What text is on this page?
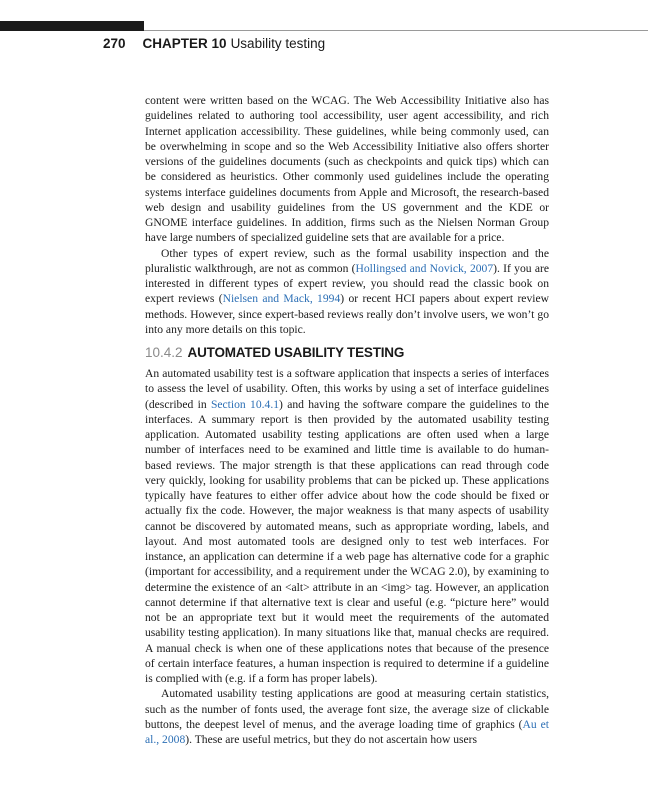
270 CHAPTER 10 Usability testing

content were written based on the WCAG. The Web Accessibility Initiative also has guidelines related to authoring tool accessibility, user agent accessibility, and rich Internet application accessibility. These guidelines, while being commonly used, can be overwhelming in scope and so the Web Accessibility Initiative also offers shorter versions of the guidelines documents (such as checkpoints and quick tips) which can be considered as heuristics. Other commonly used guidelines include the operating systems interface guidelines documents from Apple and Microsoft, the research-based web design and usability guidelines from the US government and the KDE or GNOME interface guidelines. In addition, firms such as the Nielsen Norman Group have large numbers of specialized guideline sets that are available for a price.

Other types of expert review, such as the formal usability inspection and the pluralistic walkthrough, are not as common (Hollingsed and Novick, 2007). If you are interested in different types of expert review, you should read the classic book on expert reviews (Nielsen and Mack, 1994) or recent HCI papers about expert review methods. However, since expert-based reviews really don’t involve users, we won’t go into any more details on this topic.

10.4.2 AUTOMATED USABILITY TESTING

An automated usability test is a software application that inspects a series of interfaces to assess the level of usability. Often, this works by using a set of interface guidelines (described in Section 10.4.1) and having the software compare the guidelines to the interfaces. A summary report is then provided by the automated usability testing application. Automated usability testing applications are often used when a large number of interfaces need to be examined and little time is available to do human-based reviews. The major strength is that these applications can read through code very quickly, looking for usability problems that can be picked up. These applications typically have features to either offer advice about how the code should be fixed or actually fix the code. However, the major weakness is that many aspects of usability cannot be discovered by automated means, such as appropriate wording, labels, and layout. And most automated tools are designed only to test web interfaces. For instance, an application can determine if a web page has alternative code for a graphic (important for accessibility, and a requirement under the WCAG 2.0), by examining to determine the existence of an <alt> attribute in an <img> tag. However, an application cannot determine if that alternative text is clear and useful (e.g. “picture here” would not be an appropriate text but it would meet the requirements of the automated usability testing application). In many situations like that, manual checks are required. A manual check is when one of these applications notes that because of the presence of certain interface features, a human inspection is required to determine if a guideline is complied with (e.g. if a form has proper labels).

Automated usability testing applications are good at measuring certain statistics, such as the number of fonts used, the average font size, the average size of clickable buttons, the deepest level of menus, and the average loading time of graphics (Au et al., 2008). These are useful metrics, but they do not ascertain how users
